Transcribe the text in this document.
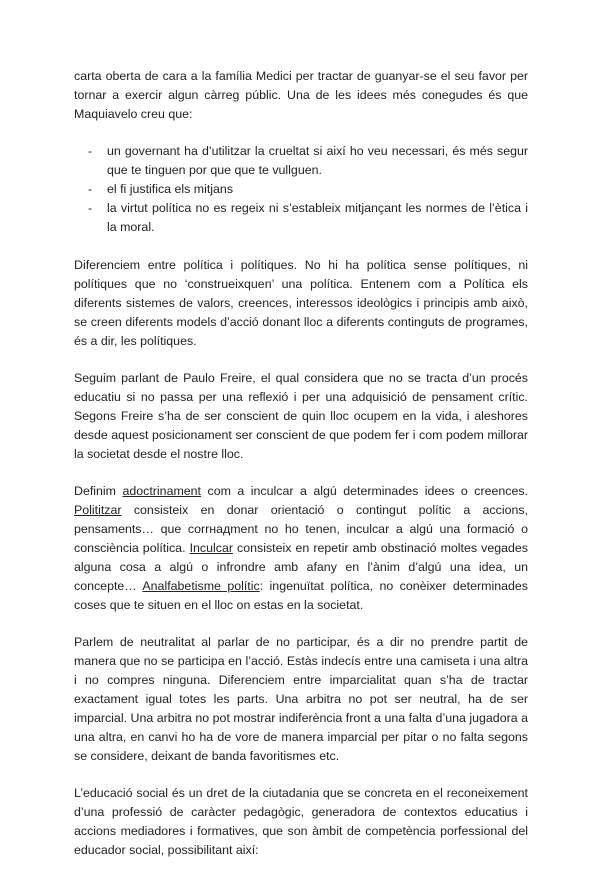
carta oberta de cara a la família Medici per tractar de guanyar-se el seu favor per tornar a exercir algun càrreg públic. Una de les idees més conegudes és que Maquiavelo creu que:

- un governant ha d’utilitzar la crueltat si així ho veu necessari, és més segur que te tinguen por que que te vullguen.
- el fi justifica els mitjans
- la virtut política no es regeix ni s’estableix mitjançant les normes de l’ètica i la moral.

Diferenciem entre política i polítiques. No hi ha política sense polítiques, ni polítiques que no ‘construeixquen’ una política. Entenem com a Política els diferents sistemes de valors, creences, interessos ideològics i principis amb això, se creen diferents models d’acció donant lloc a diferents continguts de programes, és a dir, les polítiques.

Seguim parlant de Paulo Freire, el qual considera que no se tracta d’un procés educatiu si no passa per una reflexió i per una adquisició de pensament crític. Segons Freire s’ha de ser conscient de quin lloc ocupem en la vida, i aleshores desde aquest posicionament ser conscient de que podem fer i com podem millorar la societat desde el nostre lloc.

Definim adoctrinament com a inculcar a algú determinades idees o creences. Polititzar consisteix en donar orientació o contingut polític a accions, pensaments… que corrнадment no ho tenen, inculcar a algú una formació o consciència política. Inculcar consisteix en repetir amb obstinació moltes vegades alguna cosa a algú o infrondre amb afany en l’ànim d’algú una idea, un concepte… Analfabetisme polític: ingenuïtat política, no conèixer determinades coses que te situen en el lloc on estas en la societat.

Parlem de neutralitat al parlar de no participar, és a dir no prendre partit de manera que no se participa en l’acció. Estàs indecís entre una camiseta i una altra i no compres ninguna. Diferenciem entre imparcialitat quan s’ha de tractar exactament igual totes les parts. Una arbitra no pot ser neutral, ha de ser imparcial. Una arbitra no pot mostrar indiferència front a una falta d’una jugadora a una altra, en canvi ho ha de vore de manera imparcial per pitar o no falta segons se considere, deixant de banda favoritismes etc.

L’educació social és un dret de la ciutadania que se concreta en el reconeixement d’una professió de caràcter pedagògic, generadora de contextos educatius i accions mediadores i formatives, que son àmbit de competència porfessional del educador social, possibilitant així:
